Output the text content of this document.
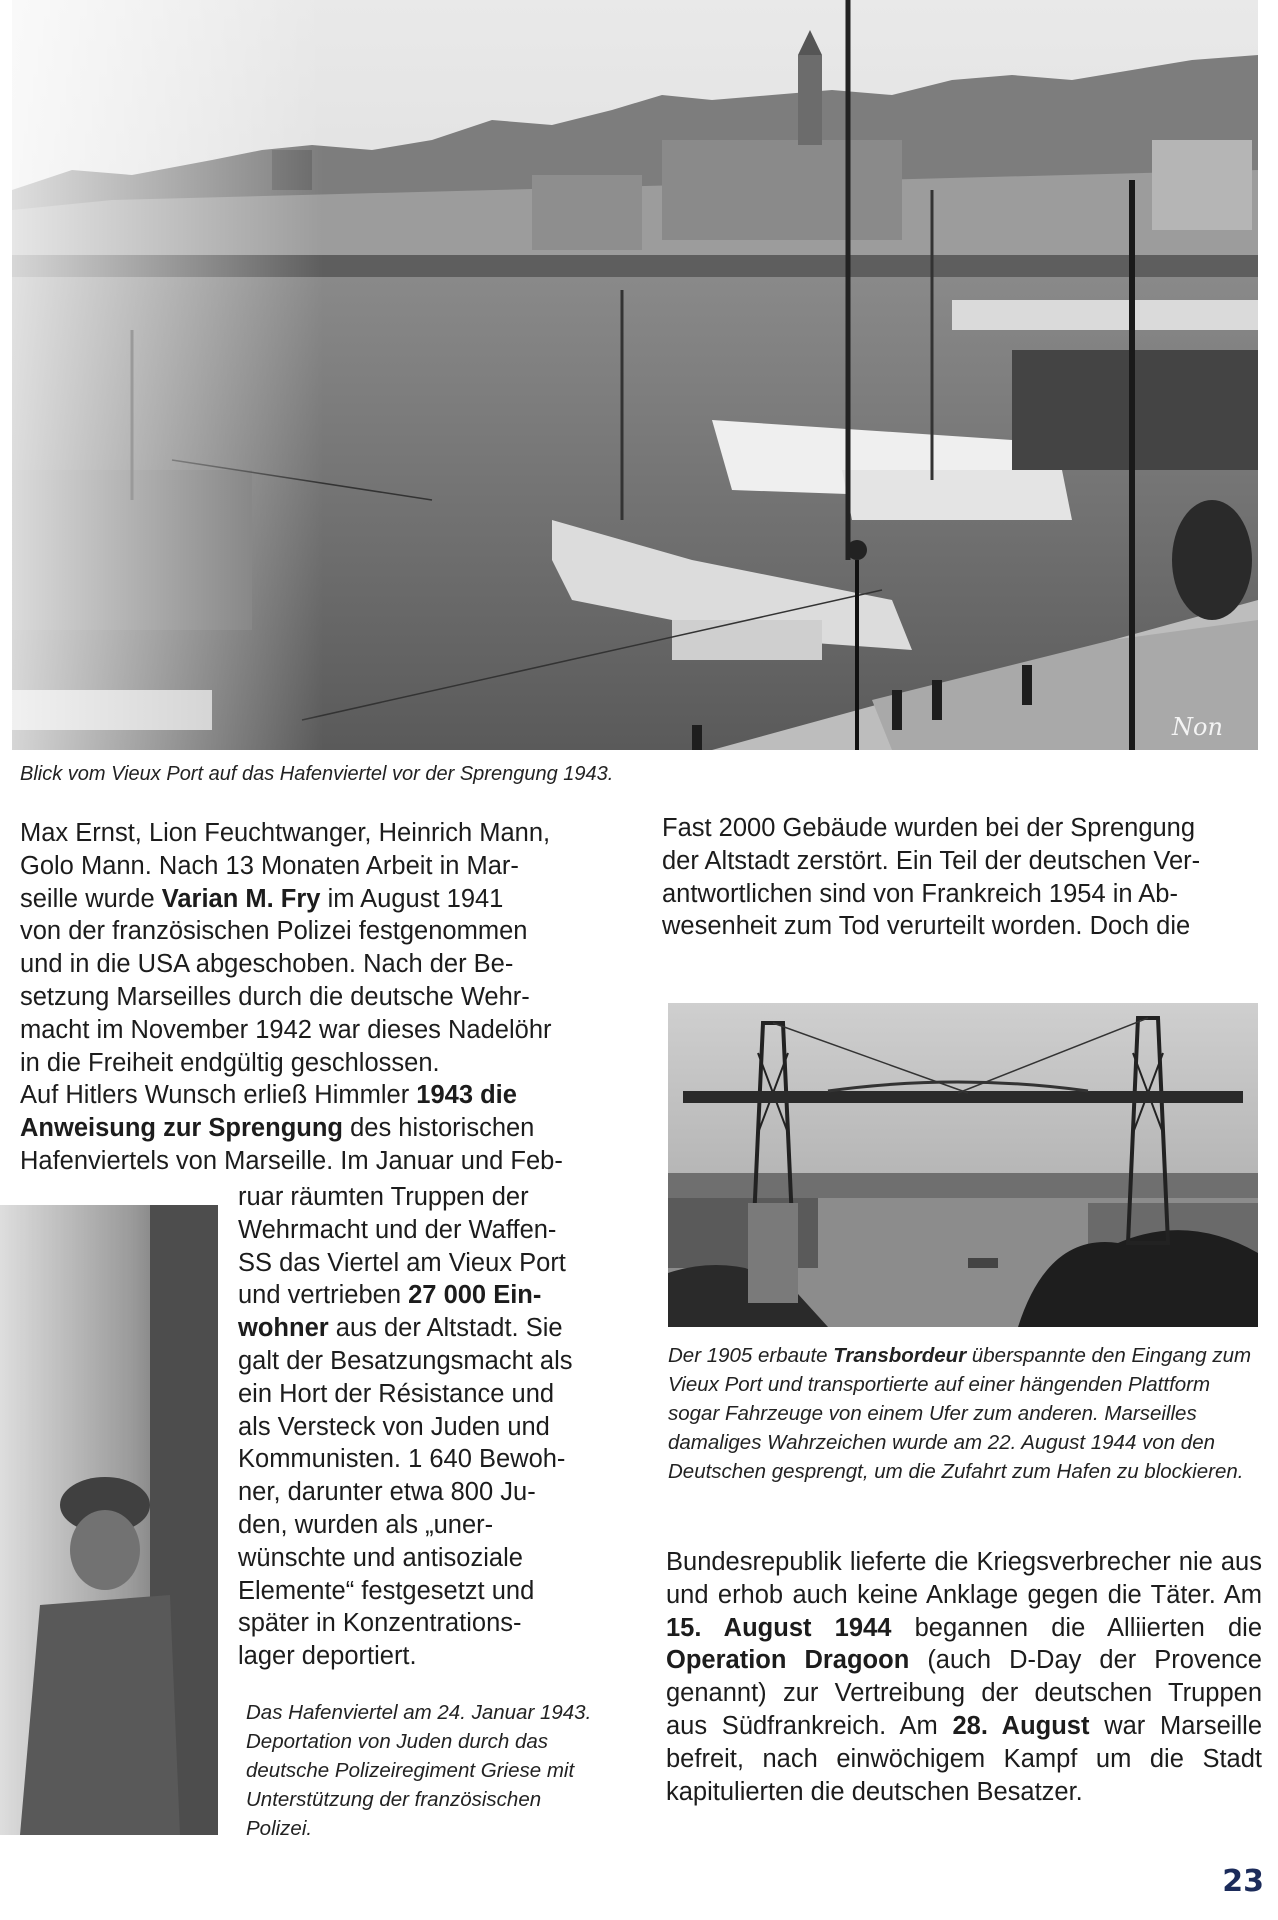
Non
Blick vom Vieux Port auf das Hafenviertel vor der Sprengung 1943.

Max Ernst, Lion Feuchtwanger, Heinrich Mann,

Golo Mann. Nach 13 Monaten Arbeit in Mar-

seille wurde Varian M. Fry im August 1941

von der französischen Polizei festgenommen

und in die USA abgeschoben. Nach der Be-

setzung Marseilles durch die deutsche Wehr-

macht im November 1942 war dieses Nadelöhr

in die Freiheit endgültig geschlossen.

Auf Hitlers Wunsch erließ Himmler 1943 die

Anweisung zur Sprengung des historischen

Hafenviertels von Marseille. Im Januar und Feb-

ruar räumten Truppen der

Wehrmacht und der Waffen-

SS das Viertel am Vieux Port

und vertrieben 27 000 Ein-

wohner aus der Altstadt. Sie

galt der Besatzungsmacht als

ein Hort der Résistance und

als Versteck von Juden und

Kommunisten. 1 640 Bewoh-

ner, darunter etwa 800 Ju-

den, wurden als „uner-

wünschte und antisoziale

Elemente“ festgesetzt und

später in Konzentrations-

lager deportiert.

Das Hafenviertel am 24. Januar 1943. Deportation von Juden durch das deutsche Polizeiregiment Griese mit Unterstützung der französischen Polizei.

Fast 2000 Gebäude wurden bei der Sprengung

der Altstadt zerstört. Ein Teil der deutschen Ver-

antwortlichen sind von Frankreich 1954 in Ab-

wesenheit zum Tod verurteilt worden. Doch die

Der 1905 erbaute Transbordeur überspannte den Eingang zum Vieux Port und transportierte auf einer hängenden Plattform sogar Fahrzeuge von einem Ufer zum anderen. Marseilles damaliges Wahrzeichen wurde am 22. August 1944 von den Deutschen gesprengt, um die Zufahrt zum Hafen zu blockieren.
Bundesrepublik lieferte die Kriegsverbrecher nie aus und erhob auch keine Anklage gegen die Täter. Am 15. August 1944 begannen die Alliierten die Operation Dragoon (auch D-Day der Provence genannt) zur Vertreibung der deutschen Truppen aus Südfrankreich. Am 28. August war Marseille befreit, nach einwöchigem Kampf um die Stadt kapitulierten die deutschen Besatzer.
23
